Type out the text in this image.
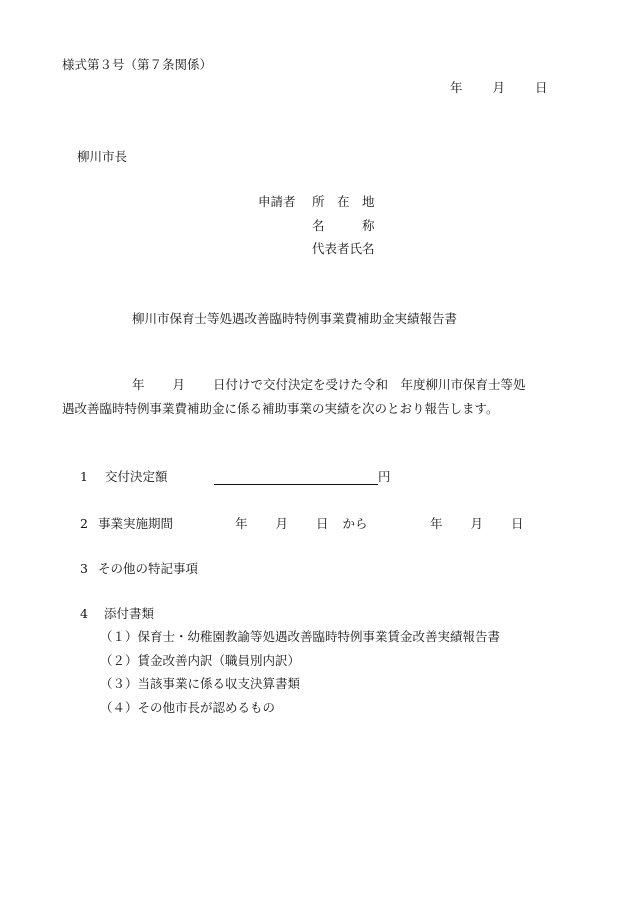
様式第３号（第７条関係）
年 月 日
柳川市長
申請者 所　在　地
名　　　称
代表者氏名
柳川市保育士等処遇改善臨時特例事業費補助金実績報告書
年 月 日付けで交付決定を受けた令和　年度柳川市保育士等処
遇改善臨時特例事業費補助金に係る補助事業の実績を次のとおり報告します。
1 交付決定額	円
2 事業実施期間	年 月 日 から	年 月 日
3 その他の特記事項
4 添付書類
（１）保育士・幼稚園教諭等処遇改善臨時特例事業賃金改善実績報告書
（２）賃金改善内訳（職員別内訳）
（３）当該事業に係る収支決算書類
（４）その他市長が認めるもの
